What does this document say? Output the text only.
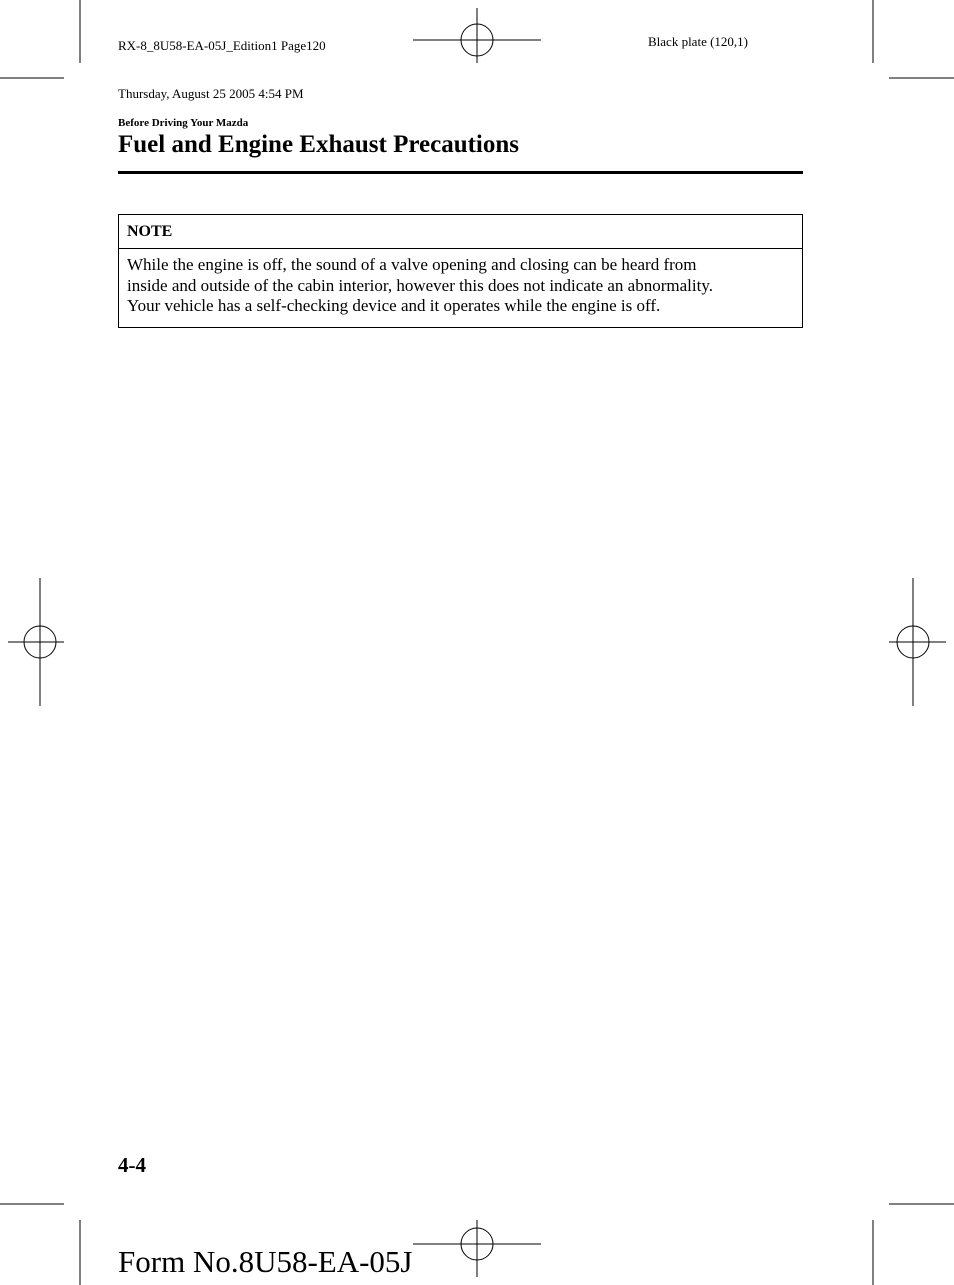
RX-8_8U58-EA-05J_Edition1 Page120

Thursday, August 25 2005 4:54 PM

Black plate (120,1)
Before Driving Your Mazda
Fuel and Engine Exhaust Precautions
NOTE

While the engine is off, the sound of a valve opening and closing can be heard from

inside and outside of the cabin interior, however this does not indicate an abnormality.

Your vehicle has a self-checking device and it operates while the engine is off.

4-4
Form No.8U58-EA-05J
